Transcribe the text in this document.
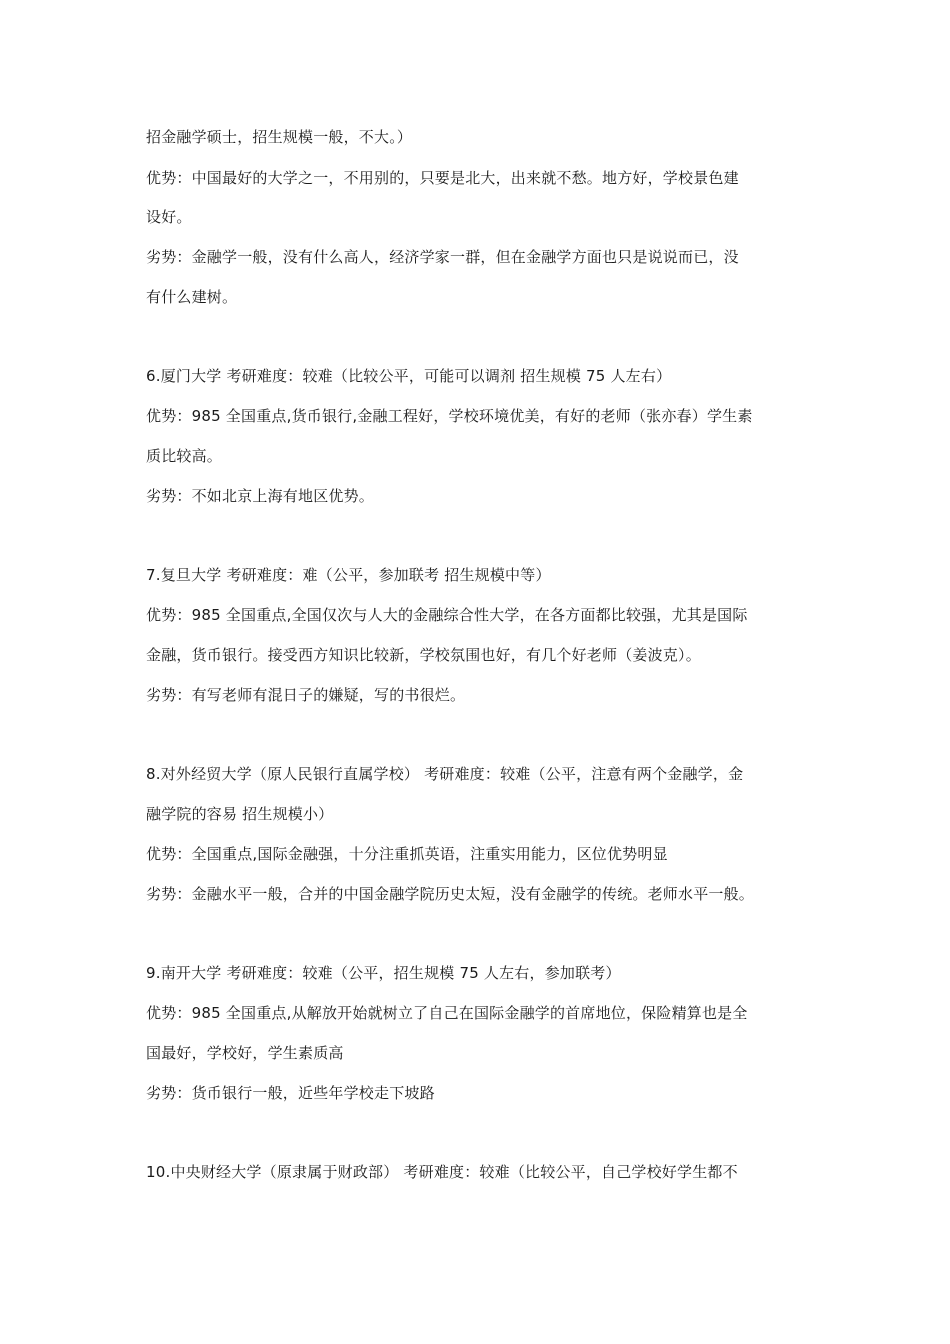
招金融学硕士，招生规模一般，不大。）
优势：中国最好的大学之一，不用别的，只要是北大，出来就不愁。地方好，学校景色建
设好。
劣势：金融学一般，没有什么高人，经济学家一群，但在金融学方面也只是说说而已，没
有什么建树。
6.厦门大学 考研难度：较难（比较公平，可能可以调剂 招生规模 75 人左右）
优势：985 全国重点,货币银行,金融工程好，学校环境优美，有好的老师（张亦春）学生素
质比较高。
劣势：不如北京上海有地区优势。
7.复旦大学 考研难度：难（公平，参加联考 招生规模中等）
优势：985 全国重点,全国仅次与人大的金融综合性大学，在各方面都比较强，尤其是国际
金融，货币银行。接受西方知识比较新，学校氛围也好，有几个好老师（姜波克）。
劣势：有写老师有混日子的嫌疑，写的书很烂。
8.对外经贸大学（原人民银行直属学校） 考研难度：较难（公平，注意有两个金融学，金
融学院的容易 招生规模小）
优势：全国重点,国际金融强，十分注重抓英语，注重实用能力，区位优势明显
劣势：金融水平一般，合并的中国金融学院历史太短，没有金融学的传统。老师水平一般。
9.南开大学 考研难度：较难（公平，招生规模 75 人左右，参加联考）
优势：985 全国重点,从解放开始就树立了自己在国际金融学的首席地位，保险精算也是全
国最好，学校好，学生素质高
劣势：货币银行一般，近些年学校走下坡路
10.中央财经大学（原隶属于财政部） 考研难度：较难（比较公平，自己学校好学生都不
